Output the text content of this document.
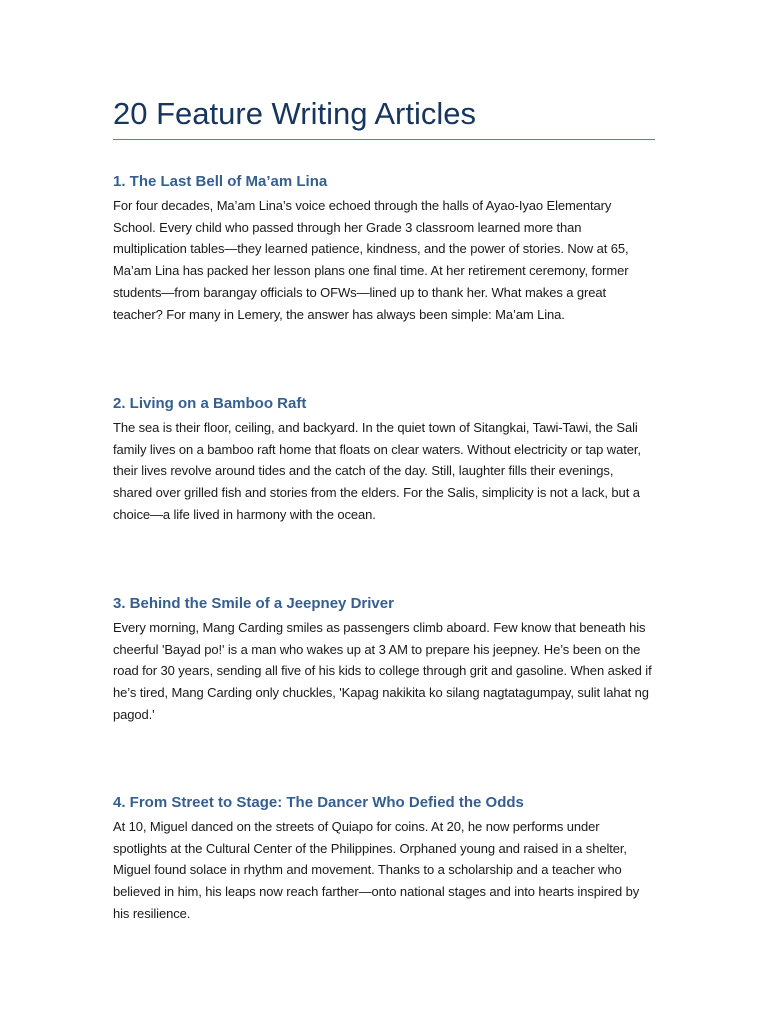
20 Feature Writing Articles
1. The Last Bell of Ma’am Lina

For four decades, Ma’am Lina’s voice echoed through the halls of Ayao-Iyao Elementary School. Every child who passed through her Grade 3 classroom learned more than multiplication tables—they learned patience, kindness, and the power of stories. Now at 65, Ma’am Lina has packed her lesson plans one final time. At her retirement ceremony, former students—from barangay officials to OFWs—lined up to thank her. What makes a great teacher? For many in Lemery, the answer has always been simple: Ma’am Lina.

2. Living on a Bamboo Raft

The sea is their floor, ceiling, and backyard. In the quiet town of Sitangkai, Tawi-Tawi, the Sali family lives on a bamboo raft home that floats on clear waters. Without electricity or tap water, their lives revolve around tides and the catch of the day. Still, laughter fills their evenings, shared over grilled fish and stories from the elders. For the Salis, simplicity is not a lack, but a choice—a life lived in harmony with the ocean.

3. Behind the Smile of a Jeepney Driver

Every morning, Mang Carding smiles as passengers climb aboard. Few know that beneath his cheerful 'Bayad po!' is a man who wakes up at 3 AM to prepare his jeepney. He’s been on the road for 30 years, sending all five of his kids to college through grit and gasoline. When asked if he’s tired, Mang Carding only chuckles, 'Kapag nakikita ko silang nagtatagumpay, sulit lahat ng pagod.'

4. From Street to Stage: The Dancer Who Defied the Odds

At 10, Miguel danced on the streets of Quiapo for coins. At 20, he now performs under spotlights at the Cultural Center of the Philippines. Orphaned young and raised in a shelter, Miguel found solace in rhythm and movement. Thanks to a scholarship and a teacher who believed in him, his leaps now reach farther—onto national stages and into hearts inspired by his resilience.
